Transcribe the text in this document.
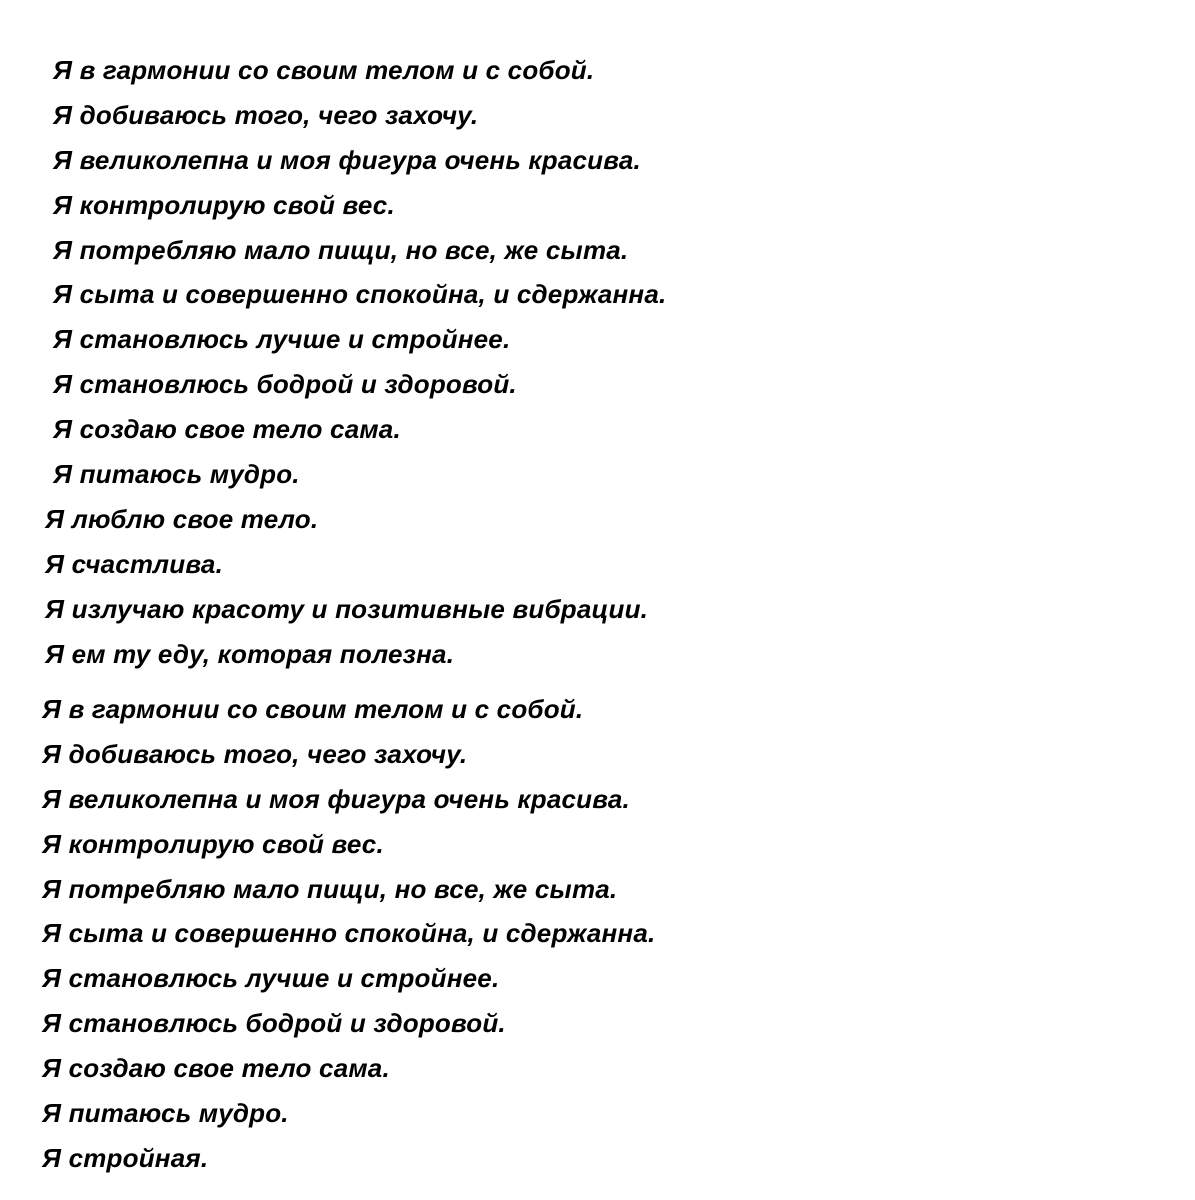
Я в гармонии со своим телом и с собой.
Я добиваюсь того, чего захочу.
Я великолепна и моя фигура очень красива.
Я контролирую свой вес.
Я потребляю мало пищи, но все, же сыта.
Я сыта и совершенно спокойна, и сдержанна.
Я становлюсь лучше и стройнее.
Я становлюсь бодрой и здоровой.
Я создаю свое тело сама.
Я питаюсь мудро.
Я люблю свое тело.
Я счастлива.
Я излучаю красоту и позитивные вибрации.
Я ем ту еду, которая полезна.
Я в гармонии со своим телом и с собой.
Я добиваюсь того, чего захочу.
Я великолепна и моя фигура очень красива.
Я контролирую свой вес.
Я потребляю мало пищи, но все, же сыта.
Я сыта и совершенно спокойна, и сдержанна.
Я становлюсь лучше и стройнее.
Я становлюсь бодрой и здоровой.
Я создаю свое тело сама.
Я питаюсь мудро.
Я стройная.
